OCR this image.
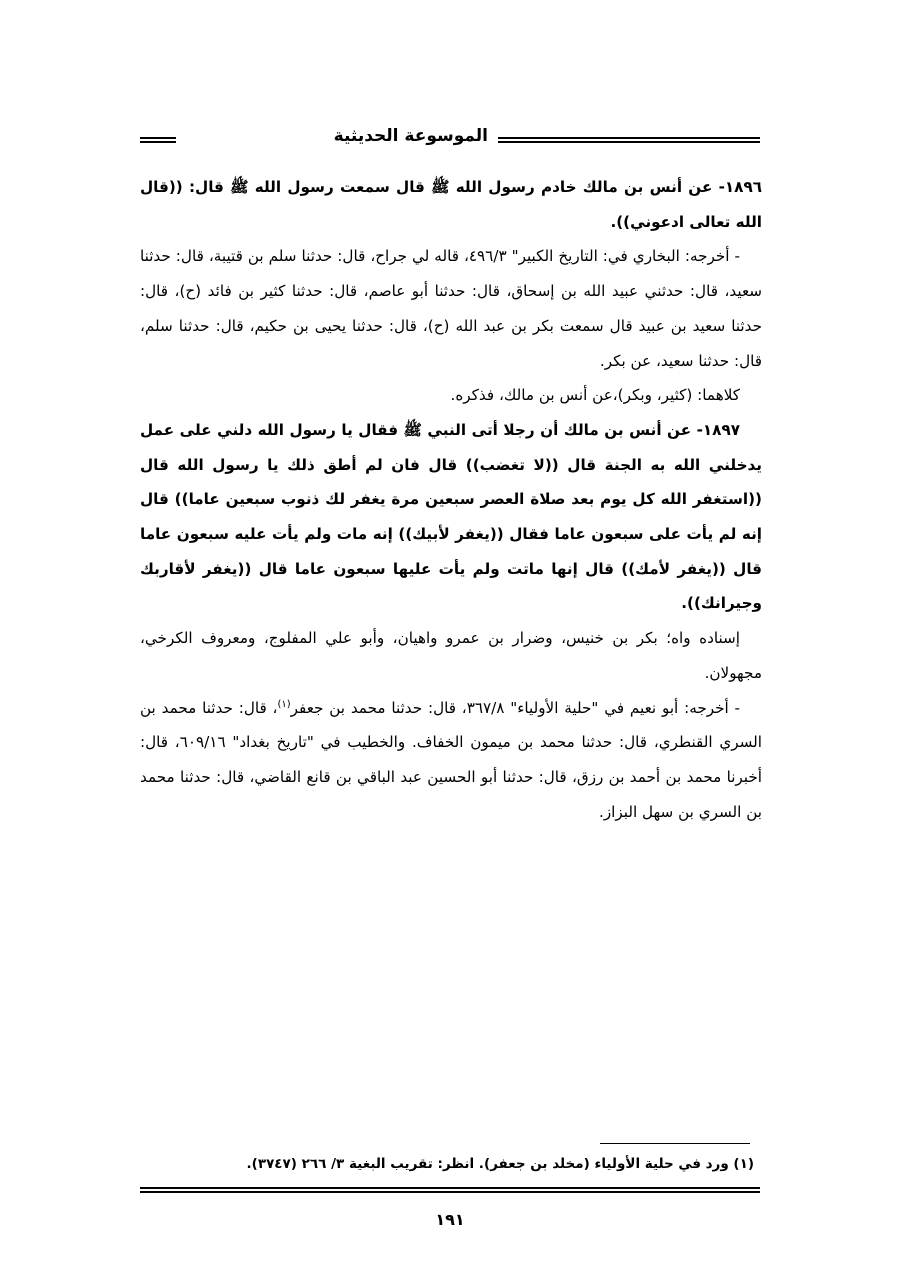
الموسوعة الحديثية

١٨٩٦- عن أنس بن مالك خادم رسول الله ﷺ قال سمعت رسول الله ﷺ قال: ((قال الله تعالى ادعوني)).

- أخرجه: البخاري في: التاريخ الكبير" ٤٩٦/٣، قاله لي جراح، قال: حدثنا سلم بن قتيبة، قال: حدثنا سعيد، قال: حدثني عبيد الله بن إسحاق، قال: حدثنا أبو عاصم، قال: حدثنا كثير بن فائد (ح)، قال: حدثنا سعيد بن عبيد قال سمعت بكر بن عبد الله (ح)، قال: حدثنا يحيى بن حكيم، قال: حدثنا سلم، قال: حدثنا سعيد، عن بكر.

كلاهما: (كثير، وبكر)،عن أنس بن مالك، فذكره.

١٨٩٧- عن أنس بن مالك أن رجلا أتى النبي ﷺ فقال يا رسول الله دلني على عمل يدخلني الله به الجنة قال ((لا تغضب)) قال فان لم أطق ذلك يا رسول الله قال ((استغفر الله كل يوم بعد صلاة العصر سبعين مرة يغفر لك ذنوب سبعين عاما)) قال إنه لم يأت على سبعون عاما فقال ((يغفر لأبيك)) إنه مات ولم يأت عليه سبعون عاما قال ((يغفر لأمك)) قال إنها ماتت ولم يأت عليها سبعون عاما قال ((يغفر لأقاربك وجيرانك)).

إسناده واه؛ بكر بن خنيس، وضرار بن عمرو واهيان، وأبو علي المفلوج، ومعروف الكرخي، مجهولان.

- أخرجه: أبو نعيم في "حلية الأولياء" ٣٦٧/٨، قال: حدثنا محمد بن جعفر$^{(١)}$، قال: حدثنا محمد بن السري القنطري، قال: حدثنا محمد بن ميمون الخفاف. والخطيب في "تاريخ بغداد" ٦٠٩/١٦، قال: أخبرنا محمد بن أحمد بن رزق، قال: حدثنا أبو الحسين عبد الباقي بن قانع القاضي، قال: حدثنا محمد بن السري بن سهل البزاز.

(١) ورد في حلية الأولياء (مخلد بن جعفر). انظر: تقريب البغية ٣/ ٢٦٦ (٣٧٤٧).
١٩١
